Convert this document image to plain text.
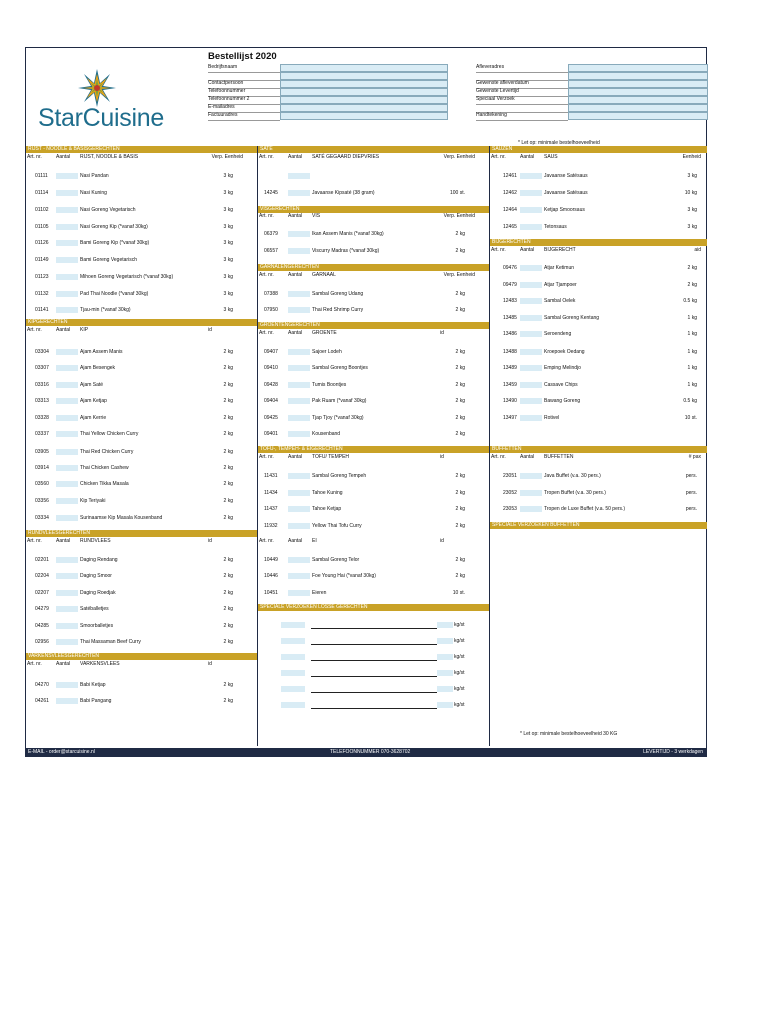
StarCuisine
Bestellijst 2020
Bedrijfsnaam	Afleveradres
Contactpersoon	Gewenste afleverdatum
Telefoonnummer	Gewenste Levertijd
Telefoonnummer 2	Speciaal Verzoek
E-mailadres
Factuuradres	Handtekening
* Let op: minimale bestelhoeveelheid
RIJST - NOODLE & BASISGERECHTEN
Art. nr.	Aantal RIJST, NOODLE & BASIS	Verp. Eenheid
01111	Nasi Pandan	3 kg
01114	Nasi Kuning	3 kg
01102	Nasi Goreng Vegetarisch	3 kg
01105	Nasi Goreng Kip (*vanaf 30kg)	3 kg
01126	Bami Goreng Kip (*vanaf 30kg)	3 kg
01149	Bami Goreng Vegetarisch	3 kg
01123	Mihoen Goreng Vegetarisch (*vanaf 30kg)	3 kg
01132	Pad Thai Noodle (*vanaf 30kg)	3 kg
01141	Tjau-min (*vanaf 30kg)	3 kg
KIPGERECHTEN
Art. nr.	Aantal KIP	id
03304	Ajam Assem Manis	2 kg
03307	Ajam Besengek	2 kg
03316	Ajam Saté	2 kg
03313	Ajam Ketjap	2 kg
03328	Ajam Kerrie	2 kg
03337	Thai Yellow Chicken Curry	2 kg
03905	Thai Red Chicken Curry	2 kg
03914	Thai Chicken Cashew	2 kg
03560	Chicken Tikka Masala	2 kg
03356	Kip Teriyaki	2 kg
03334	Surinaamse Kip Masala Kousenband	2 kg
RUNDVLEESGERECHTEN
Art. nr.	Aantal RUNDVLEES	id
02201	Daging Rendang	2 kg
02204	Daging Smoor	2 kg
02207	Daging Roedjak	2 kg
04279	Satéballetjes	2 kg
04285	Smoorballetjes	2 kg
02956	Thai Massaman Beef Curry	2 kg
VARKENSVLEESGERECHTEN
Art. nr.	Aantal VARKENSVLEES	id
04270	Babi Ketjap	2 kg
04261	Babi Pangang	2 kg
SATÉ
Art. nr.	Aantal SATÉ GEGAARD DIEPVRIES	Verp. Eenheid
14245	Javaanse Kipsaté (38 gram)	100 st.
VISGERECHTEN
Art. nr.	Aantal VIS	Verp. Eenheid
06379	Ikan Assem Manis (*vanaf 30kg)	2 kg
06557	Viscurry Madras (*vanaf 30kg)	2 kg
GARNALENGERECHTEN
Art. nr.	Aantal GARNAAL	Verp. Eenheid
07388	Sambal Goreng Udang	2 kg
07950	Thai Red Shrimp Curry	2 kg
GROENTENGERECHTEN
Art. nr.	Aantal GROENTE	id
09407	Sajoer Lodeh	2 kg
09410	Sambal Goreng Boontjes	2 kg
09428	Tumis Boontjes	2 kg
09404	Pak Ruam (*vanaf 30kg)	2 kg
09425	Tjap Tjoy (*vanaf 30kg)	2 kg
09401	Kousenband	2 kg
TOFU-, TEMPEH- & EIGERECHTEN
Art. nr.	Aantal TOFU/ TEMPEH	id
11431	Sambal Goreng Tempeh	2 kg
11434	Tahoe Kuning	2 kg
11437	Tahoe Ketjap	2 kg
11932	Yellow Thai Tofu Curry	2 kg
Art. nr.	Aantal EI	id
10449	Sambal Goreng Telor	2 kg
10446	Foe Young Hai (*vanaf 30kg)	2 kg
10451	Eieren	10 st.
SPECIALE VERZOEKEN LOSSE GERECHTEN
kg/st
kg/st
kg/st
kg/st
kg/st
kg/st
SAUZEN
Art. nr.	Aantal SAUS	Eenheid
12461	Javaanse Satésaus	3 kg
12462	Javaanse Satésaus	10 kg
12464	Ketjap Smoorsaus	3 kg
12465	Tetonsaus	3 kg
BIJGERECHTEN
Art. nr.	Aantal BIJGERECHT	aid
09476	Atjar Ketimun	2 kg
09479	Atjar Tjampoer	2 kg
12483	Sambal Oelek	0.5 kg
13485	Sambal Goreng Kentang	1 kg
13486	Seroendeng	1 kg
13488	Kroepoek Oedang	1 kg
13489	Emping Melindjo	1 kg
13459	Cassave Chips	1 kg
13490	Bawang Goreng	0.5 kg
13497	Rotivel	10 st.
BUFFETTEN
Art. nr.	Aantal BUFFETTEN	# pax
23051	Java Buffet (v.a. 30 pers.)	pers.
23052	Tropen Buffet (v.a. 30 pers.)	pers.
23053	Tropen de Luxe Buffet (v.a. 50 pers.)	pers.
SPECIALE VERZOEKEN BUFFETTEN
* Let op: minimale bestelhoeveelheid 30 KG
E-MAIL - order@starcuisine.nl	TELEFOONNUMMER 070-3628702	LEVERTIJD - 3 werkdagen
